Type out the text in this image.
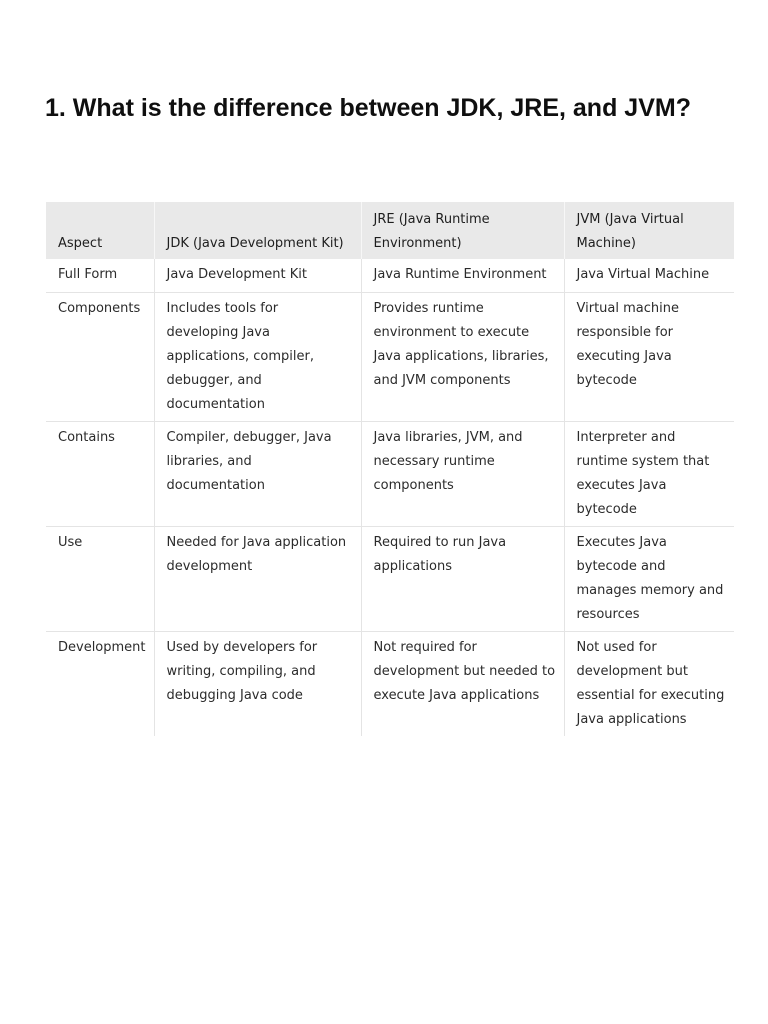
1. What is the difference between JDK, JRE, and JVM?
Aspect	JDK (Java Development Kit)	JRE (Java Runtime Environment)	JVM (Java Virtual Machine)
Full Form	Java Development Kit	Java Runtime Environment	Java Virtual Machine
Components	Includes tools for developing Java applications, compiler, debugger, and documentation	Provides runtime environment to execute Java applications, libraries, and JVM components	Virtual machine responsible for executing Java bytecode
Contains	Compiler, debugger, Java libraries, and documentation	Java libraries, JVM, and necessary runtime components	Interpreter and runtime system that executes Java bytecode
Use	Needed for Java application development	Required to run Java applications	Executes Java bytecode and manages memory and resources
Development	Used by developers for writing, compiling, and debugging Java code	Not required for development but needed to execute Java applications	Not used for development but essential for executing Java applications
